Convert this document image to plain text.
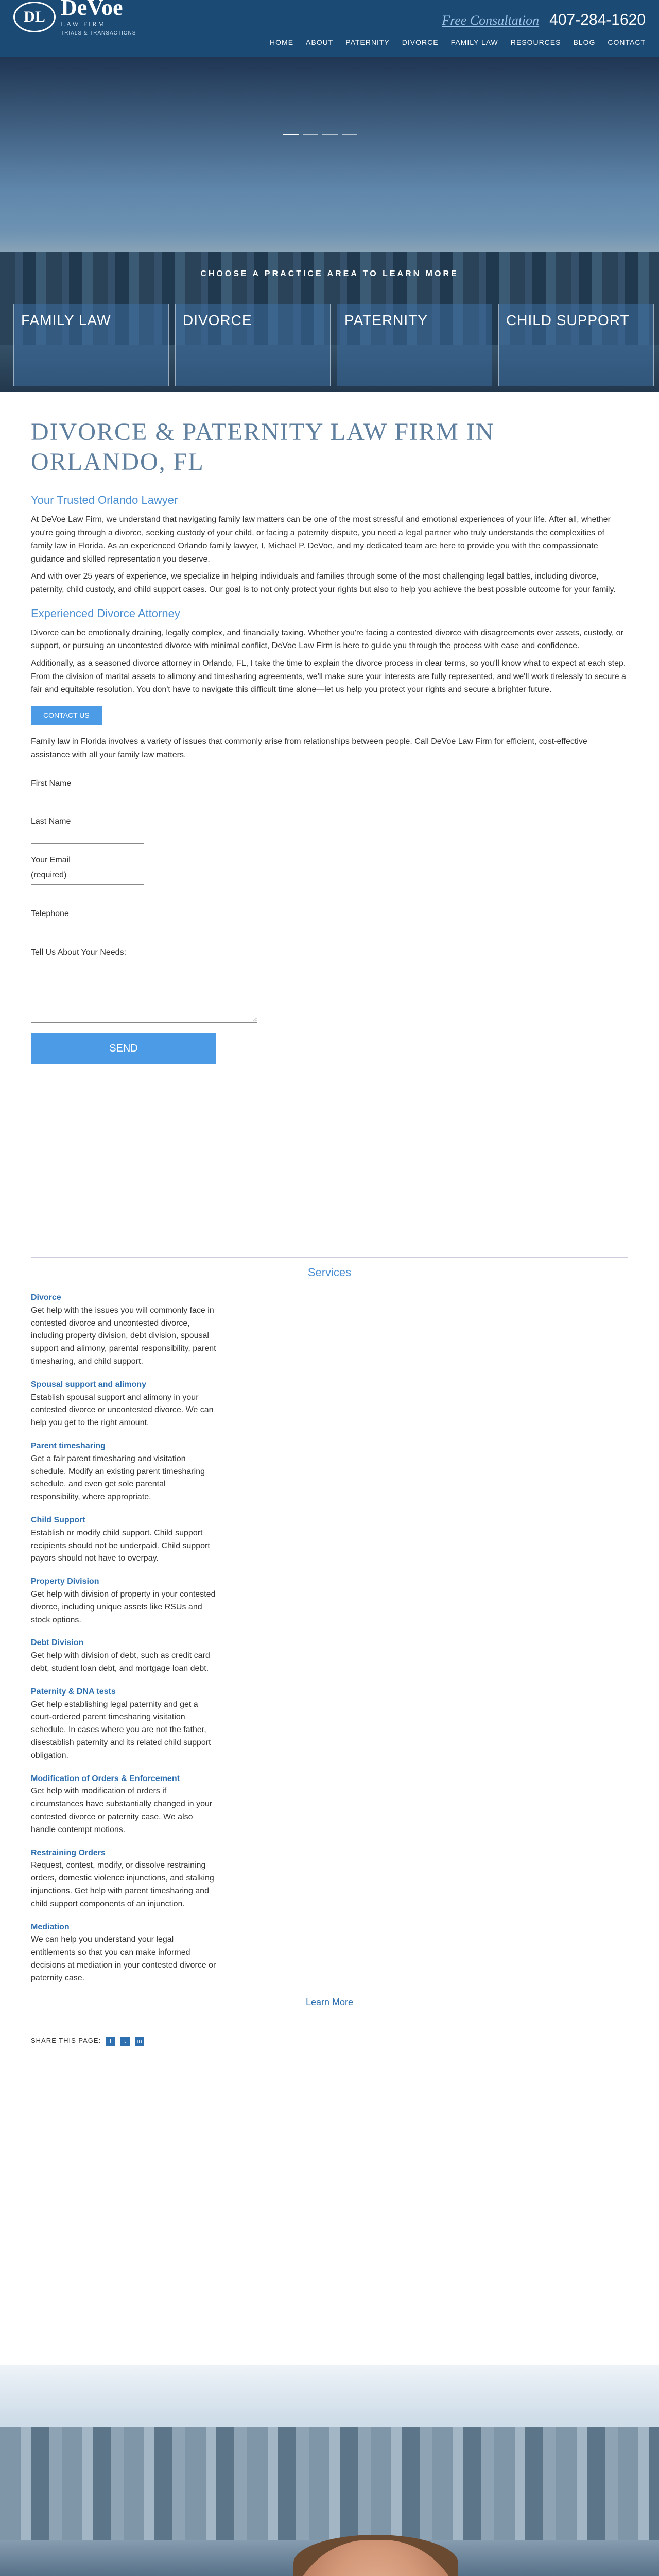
DL DeVoe
LAW FIRM
TRIALS & TRANSACTIONS
Free Consultation 407-284-1620
HOME ABOUT PATERNITY DIVORCE FAMILY LAW RESOURCES BLOG CONTACT
CHOOSE A PRACTICE AREA TO LEARN MORE
FAMILY LAW	DIVORCE	PATERNITY	CHILD SUPPORT
DIVORCE & PATERNITY LAW FIRM IN ORLANDO, FL
Your Trusted Orlando Lawyer

At DeVoe Law Firm, we understand that navigating family law matters can be one of the most stressful and emotional experiences of your life. After all, whether you're going through a divorce, seeking custody of your child, or facing a paternity dispute, you need a legal partner who truly understands the complexities of family law in Florida. As an experienced Orlando family lawyer, I, Michael P. DeVoe, and my dedicated team are here to provide you with the compassionate guidance and skilled representation you deserve.

And with over 25 years of experience, we specialize in helping individuals and families through some of the most challenging legal battles, including divorce, paternity, child custody, and child support cases. Our goal is to not only protect your rights but also to help you achieve the best possible outcome for your family.

Experienced Divorce Attorney

Divorce can be emotionally draining, legally complex, and financially taxing. Whether you're facing a contested divorce with disagreements over assets, custody, or support, or pursuing an uncontested divorce with minimal conflict, DeVoe Law Firm is here to guide you through the process with ease and confidence.

Additionally, as a seasoned divorce attorney in Orlando, FL, I take the time to explain the divorce process in clear terms, so you'll know what to expect at each step. From the division of marital assets to alimony and timesharing agreements, we'll make sure your interests are fully represented, and we'll work tirelessly to secure a fair and equitable resolution. You don't have to navigate this difficult time alone—let us help you protect your rights and secure a brighter future.

CONTACT US

Family law in Florida involves a variety of issues that commonly arise from relationships between people. Call DeVoe Law Firm for efficient, cost-effective assistance with all your family law matters.

First Name
Last Name
Your Email
(required)
Telephone
Tell Us About Your Needs:
SEND
Services
Divorce
Get help with the issues you will commonly face in contested divorce and uncontested divorce, including property division, debt division, spousal support and alimony, parental responsibility, parent timesharing, and child support.
Spousal support and alimony
Establish spousal support and alimony in your contested divorce or uncontested divorce. We can help you get to the right amount.
Parent timesharing
Get a fair parent timesharing and visitation schedule. Modify an existing parent timesharing schedule, and even get sole parental responsibility, where appropriate.
Child Support
Establish or modify child support. Child support recipients should not be underpaid. Child support payors should not have to overpay.
Property Division
Get help with division of property in your contested divorce, including unique assets like RSUs and stock options.
Debt Division
Get help with division of debt, such as credit card debt, student loan debt, and mortgage loan debt.
Paternity & DNA tests
Get help establishing legal paternity and get a court-ordered parent timesharing visitation schedule. In cases where you are not the father, disestablish paternity and its related child support obligation.
Modification of Orders & Enforcement
Get help with modification of orders if circumstances have substantially changed in your contested divorce or paternity case. We also handle contempt motions.
Restraining Orders
Request, contest, modify, or dissolve restraining orders, domestic violence injunctions, and stalking injunctions. Get help with parent timesharing and child support components of an injunction.
Mediation
We can help you understand your legal entitlements so that you can make informed decisions at mediation in your contested divorce or paternity case.
Learn More
SHARE THIS PAGE:	f	t	in
